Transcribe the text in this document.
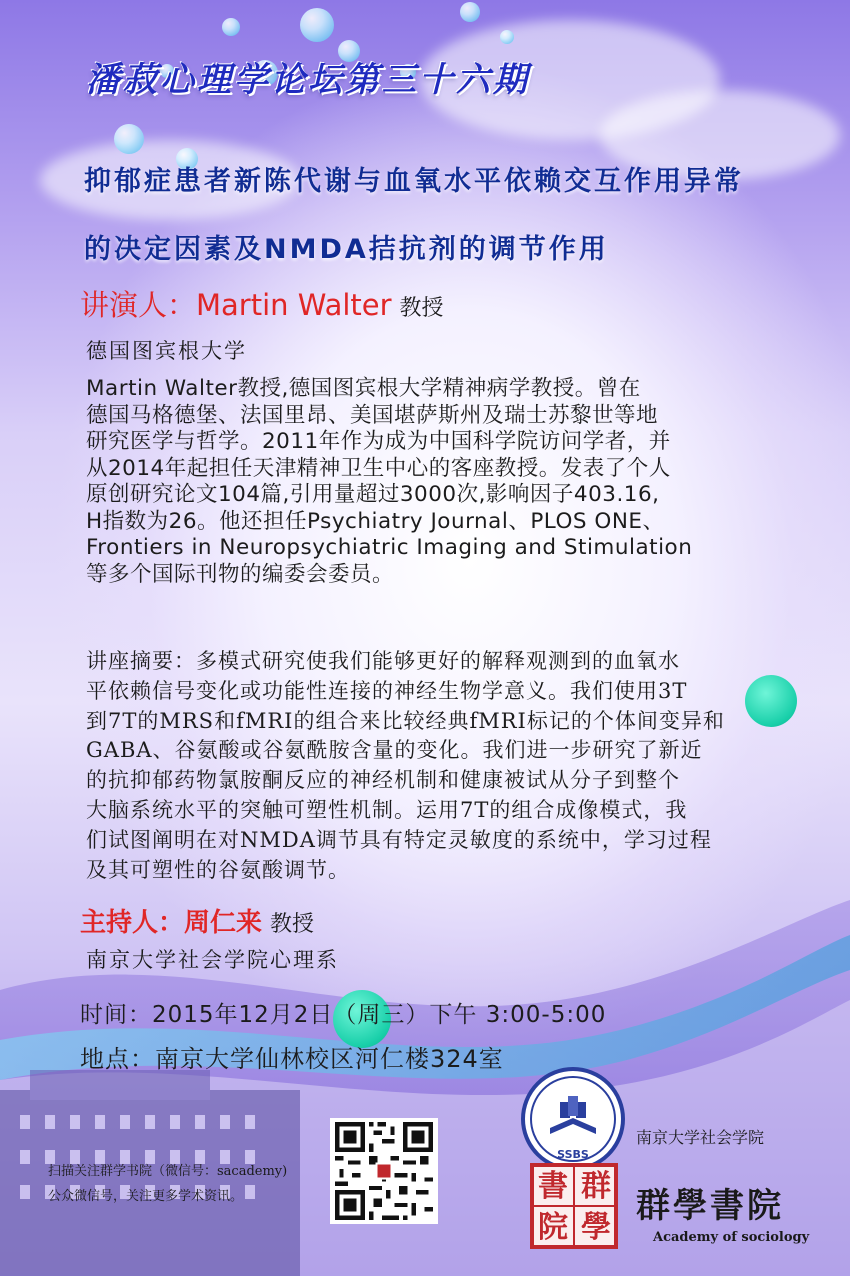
潘菽心理学论坛第三十六期
抑郁症患者新陈代谢与血氧水平依赖交互作用异常
的决定因素及NMDA拮抗剂的调节作用
讲演人：Martin Walter 教授
德国图宾根大学
Martin Walter教授,德国图宾根大学精神病学教授。曾在
德国马格德堡、法国里昂、美国堪萨斯州及瑞士苏黎世等地
研究医学与哲学。2011年作为成为中国科学院访问学者，并
从2014年起担任天津精神卫生中心的客座教授。发表了个人
原创研究论文104篇,引用量超过3000次,影响因子403.16,
H指数为26。他还担任Psychiatry Journal、PLOS ONE、
Frontiers in Neuropsychiatric Imaging and Stimulation
等多个国际刊物的编委会委员。
讲座摘要：多模式研究使我们能够更好的解释观测到的血氧水
平依赖信号变化或功能性连接的神经生物学意义。我们使用3T
到7T的MRS和fMRI的组合来比较经典fMRI标记的个体间变异和
GABA、谷氨酸或谷氨酰胺含量的变化。我们进一步研究了新近
的抗抑郁药物氯胺酮反应的神经机制和健康被试从分子到整个
大脑系统水平的突触可塑性机制。运用7T的组合成像模式，我
们试图阐明在对NMDA调节具有特定灵敏度的系统中，学习过程
及其可塑性的谷氨酸调节。
主持人：周仁来 教授
南京大学社会学院心理系
时间：2015年12月2日（周三）下午 3:00-5:00
地点：南京大学仙林校区河仁楼324室
扫描关注群学书院（微信号：sacademy)
公众微信号，关注更多学术资讯。
SSBS
南京大学社会学院
群
學
書
院
群學書院
Academy of sociology
